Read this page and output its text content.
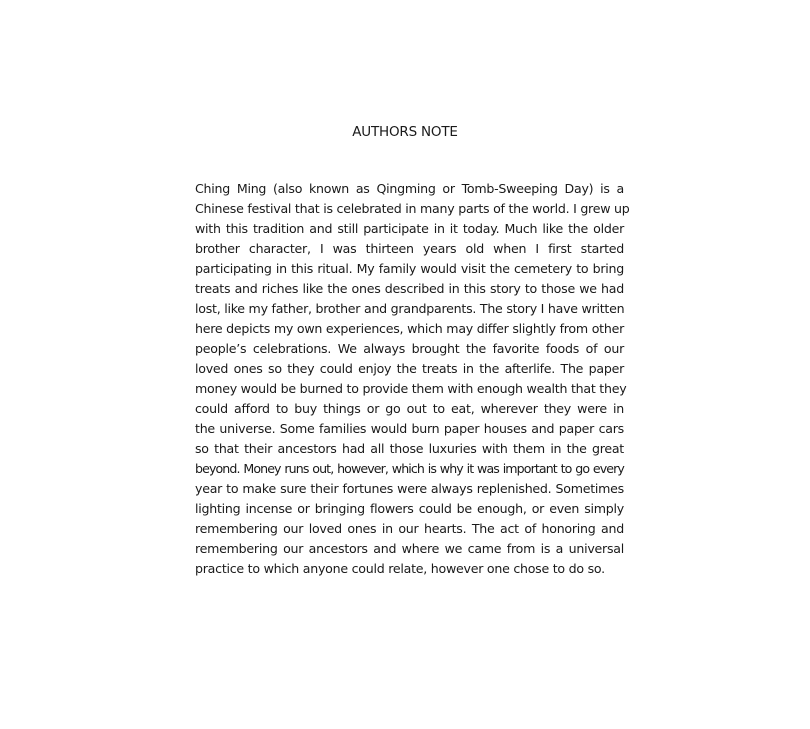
AUTHORS NOTE
Ching Ming (also known as Qingming or Tomb-Sweeping Day) is a
Chinese festival that is celebrated in many parts of the world. I grew up
with this tradition and still participate in it today. Much like the older
brother character, I was thirteen years old when I first started
participating in this ritual. My family would visit the cemetery to bring
treats and riches like the ones described in this story to those we had
lost, like my father, brother and grandparents. The story I have written
here depicts my own experiences, which may differ slightly from other
people’s celebrations. We always brought the favorite foods of our
loved ones so they could enjoy the treats in the afterlife. The paper
money would be burned to provide them with enough wealth that they
could afford to buy things or go out to eat, wherever they were in
the universe. Some families would burn paper houses and paper cars
so that their ancestors had all those luxuries with them in the great
beyond. Money runs out, however, which is why it was important to go every
year to make sure their fortunes were always replenished. Sometimes
lighting incense or bringing flowers could be enough, or even simply
remembering our loved ones in our hearts. The act of honoring and
remembering our ancestors and where we came from is a universal
practice to which anyone could relate, however one chose to do so.
